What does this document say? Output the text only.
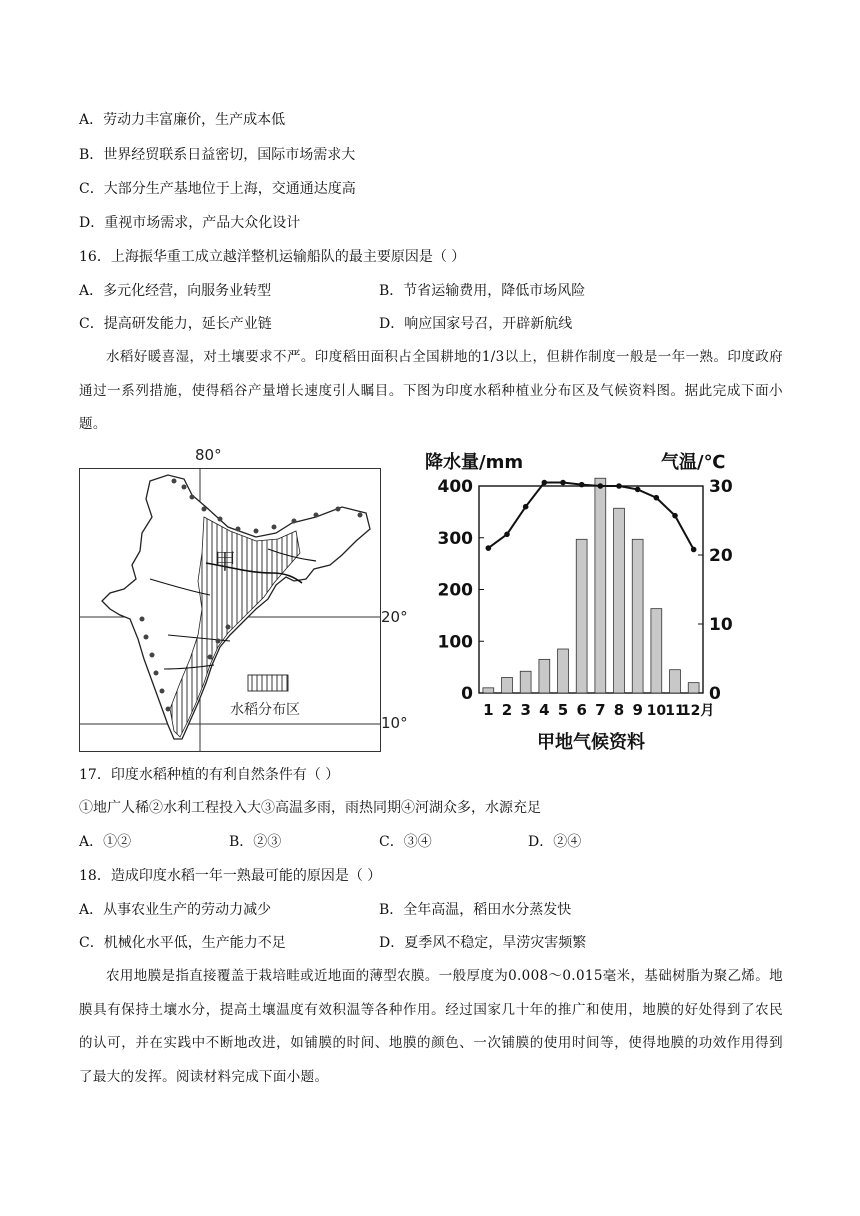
A．劳动力丰富廉价，生产成本低
B．世界经贸联系日益密切，国际市场需求大
C．大部分生产基地位于上海，交通通达度高
D．重视市场需求，产品大众化设计
16．上海振华重工成立越洋整机运输船队的最主要原因是（ ）
A．多元化经营，向服务业转型	B．节省运输费用，降低市场风险
C．提高研发能力，延长产业链	D．响应国家号召，开辟新航线
水稻好暖喜湿，对土壤要求不严。印度稻田面积占全国耕地的1/3以上，但耕作制度一般是一年一熟。印度政府通过一系列措施，使得稻谷产量增长速度引人瞩目。下图为印度水稻种植业分布区及气候资料图。据此完成下面小题。
甲
水稻分布区
80°
20°
10°
降水量/mm	气温/℃
0
100
200
300
400
0
10
20
30
1 2 3 4 5 6 7 8 9 10 11
12月
甲地气候资料
17．印度水稻种植的有利自然条件有（ ）
①地广人稀②水利工程投入大③高温多雨，雨热同期④河湖众多，水源充足
A．①②	B．②③	C．③④	D．②④
18．造成印度水稻一年一熟最可能的原因是（ ）
A．从事农业生产的劳动力减少	B．全年高温，稻田水分蒸发快
C．机械化水平低，生产能力不足	D．夏季风不稳定，旱涝灾害频繁
农用地膜是指直接覆盖于栽培畦或近地面的薄型农膜。一般厚度为0.008～0.015毫米，基础树脂为聚乙烯。地膜具有保持土壤水分，提高土壤温度有效积温等各种作用。经过国家几十年的推广和使用，地膜的好处得到了农民的认可，并在实践中不断地改进，如铺膜的时间、地膜的颜色、一次铺膜的使用时间等，使得地膜的功效作用得到了最大的发挥。阅读材料完成下面小题。
